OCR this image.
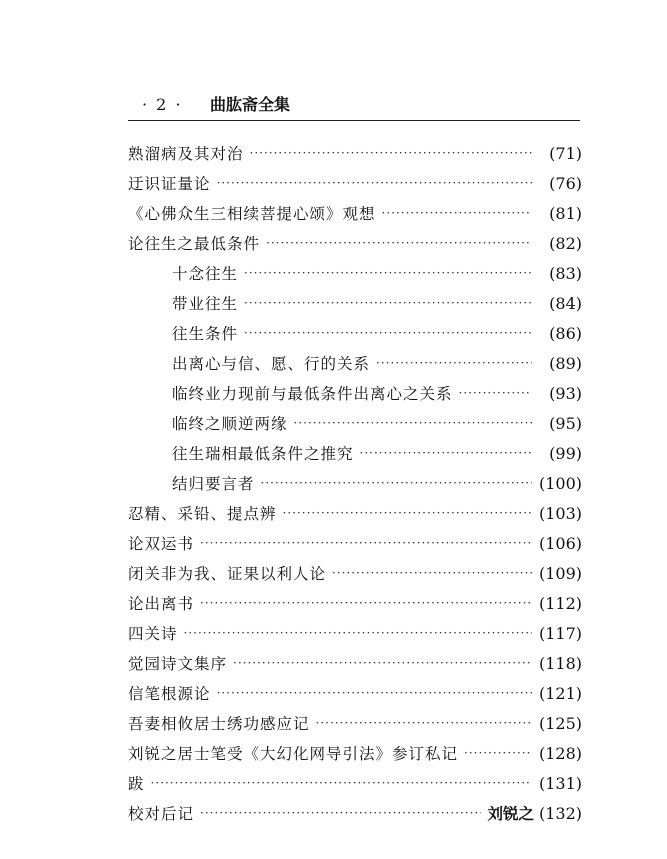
· 2 · 曲肱斋全集
熟溜病及其对治 ·····	(71)
迂识证量论 ·····	(76)
《心佛众生三相续菩提心颂》观想 ·····	(81)
论往生之最低条件 ·····	(82)
十念往生 ·····	(83)
带业往生 ·····	(84)
往生条件 ·····	(86)
出离心与信、愿、行的关系 ·····	(89)
临终业力现前与最低条件出离心之关系 ·····	(93)
临终之顺逆两缘 ·····	(95)
往生瑞相最低条件之推究 ·····	(99)
结归要言者 ·····	(100)
忍精、采铅、提点辨 ·····	(103)
论双运书 ·····	(106)
闭关非为我、证果以利人论 ·····	(109)
论出离书 ·····	(112)
四关诗 ·····	(117)
觉园诗文集序 ·····	(118)
信笔根源论 ·····	(121)
吾妻相攸居士绣功感应记 ·····	(125)
刘锐之居士笔受《大幻化网导引法》参订私记 ·····	(128)
跋 ·····	(131)
校对后记 ·····	刘锐之 (132)
